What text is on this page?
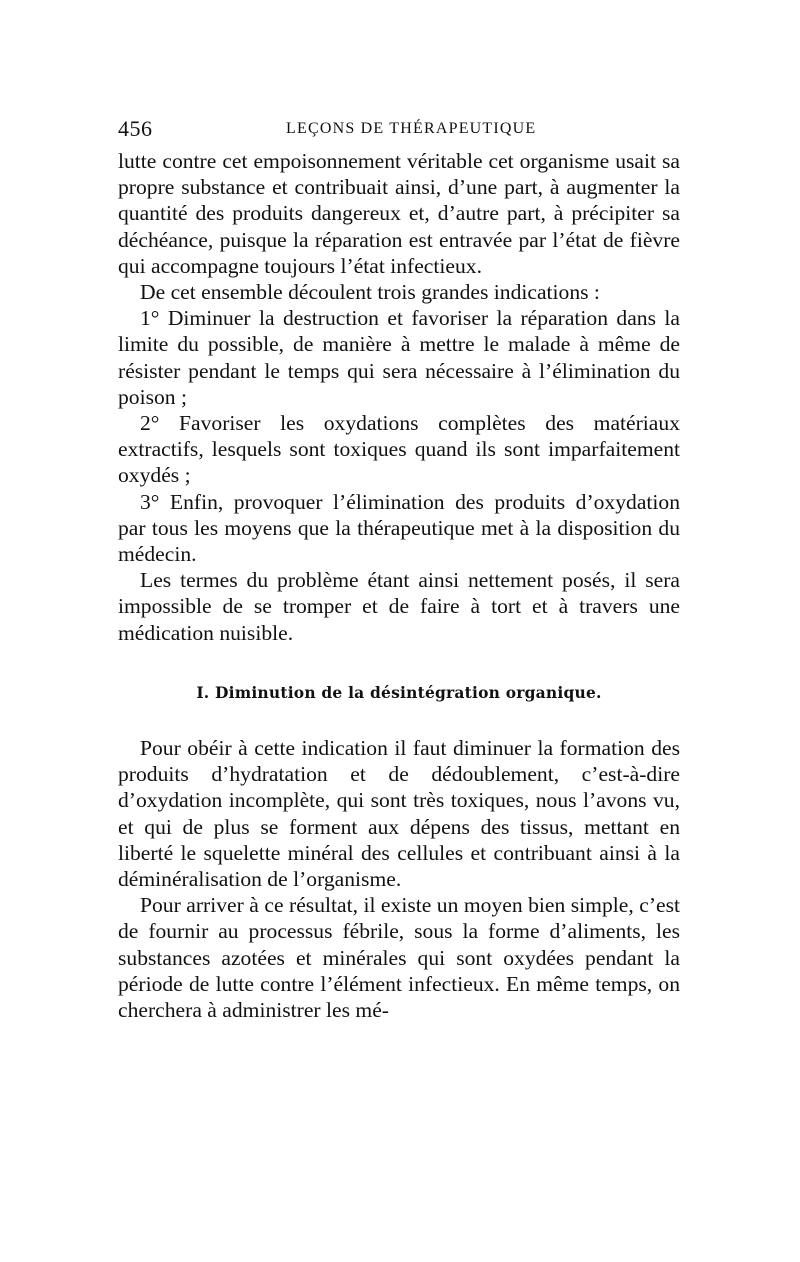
456	LEÇONS DE THÉRAPEUTIQUE

lutte contre cet empoisonnement véritable cet organisme usait sa propre substance et contribuait ainsi, d’une part, à augmenter la quantité des produits dangereux et, d’autre part, à précipiter sa déchéance, puisque la réparation est entravée par l’état de fièvre qui accompagne toujours l’état infectieux.

De cet ensemble découlent trois grandes indications :

1° Diminuer la destruction et favoriser la réparation dans la limite du possible, de manière à mettre le malade à même de résister pendant le temps qui sera nécessaire à l’élimination du poison ;

2° Favoriser les oxydations complètes des matériaux extractifs, lesquels sont toxiques quand ils sont imparfaitement oxydés ;

3° Enfin, provoquer l’élimination des produits d’oxydation par tous les moyens que la thérapeutique met à la disposition du médecin.

Les termes du problème étant ainsi nettement posés, il sera impossible de se tromper et de faire à tort et à travers une médication nuisible.

I. Diminution de la désintégration organique.

Pour obéir à cette indication il faut diminuer la formation des produits d’hydratation et de dédoublement, c’est-à-dire d’oxydation incomplète, qui sont très toxiques, nous l’avons vu, et qui de plus se forment aux dépens des tissus, mettant en liberté le squelette minéral des cellules et contribuant ainsi à la déminéralisation de l’organisme.

Pour arriver à ce résultat, il existe un moyen bien simple, c’est de fournir au processus fébrile, sous la forme d’aliments, les substances azotées et minérales qui sont oxydées pendant la période de lutte contre l’élément infectieux. En même temps, on cherchera à administrer les mé-
